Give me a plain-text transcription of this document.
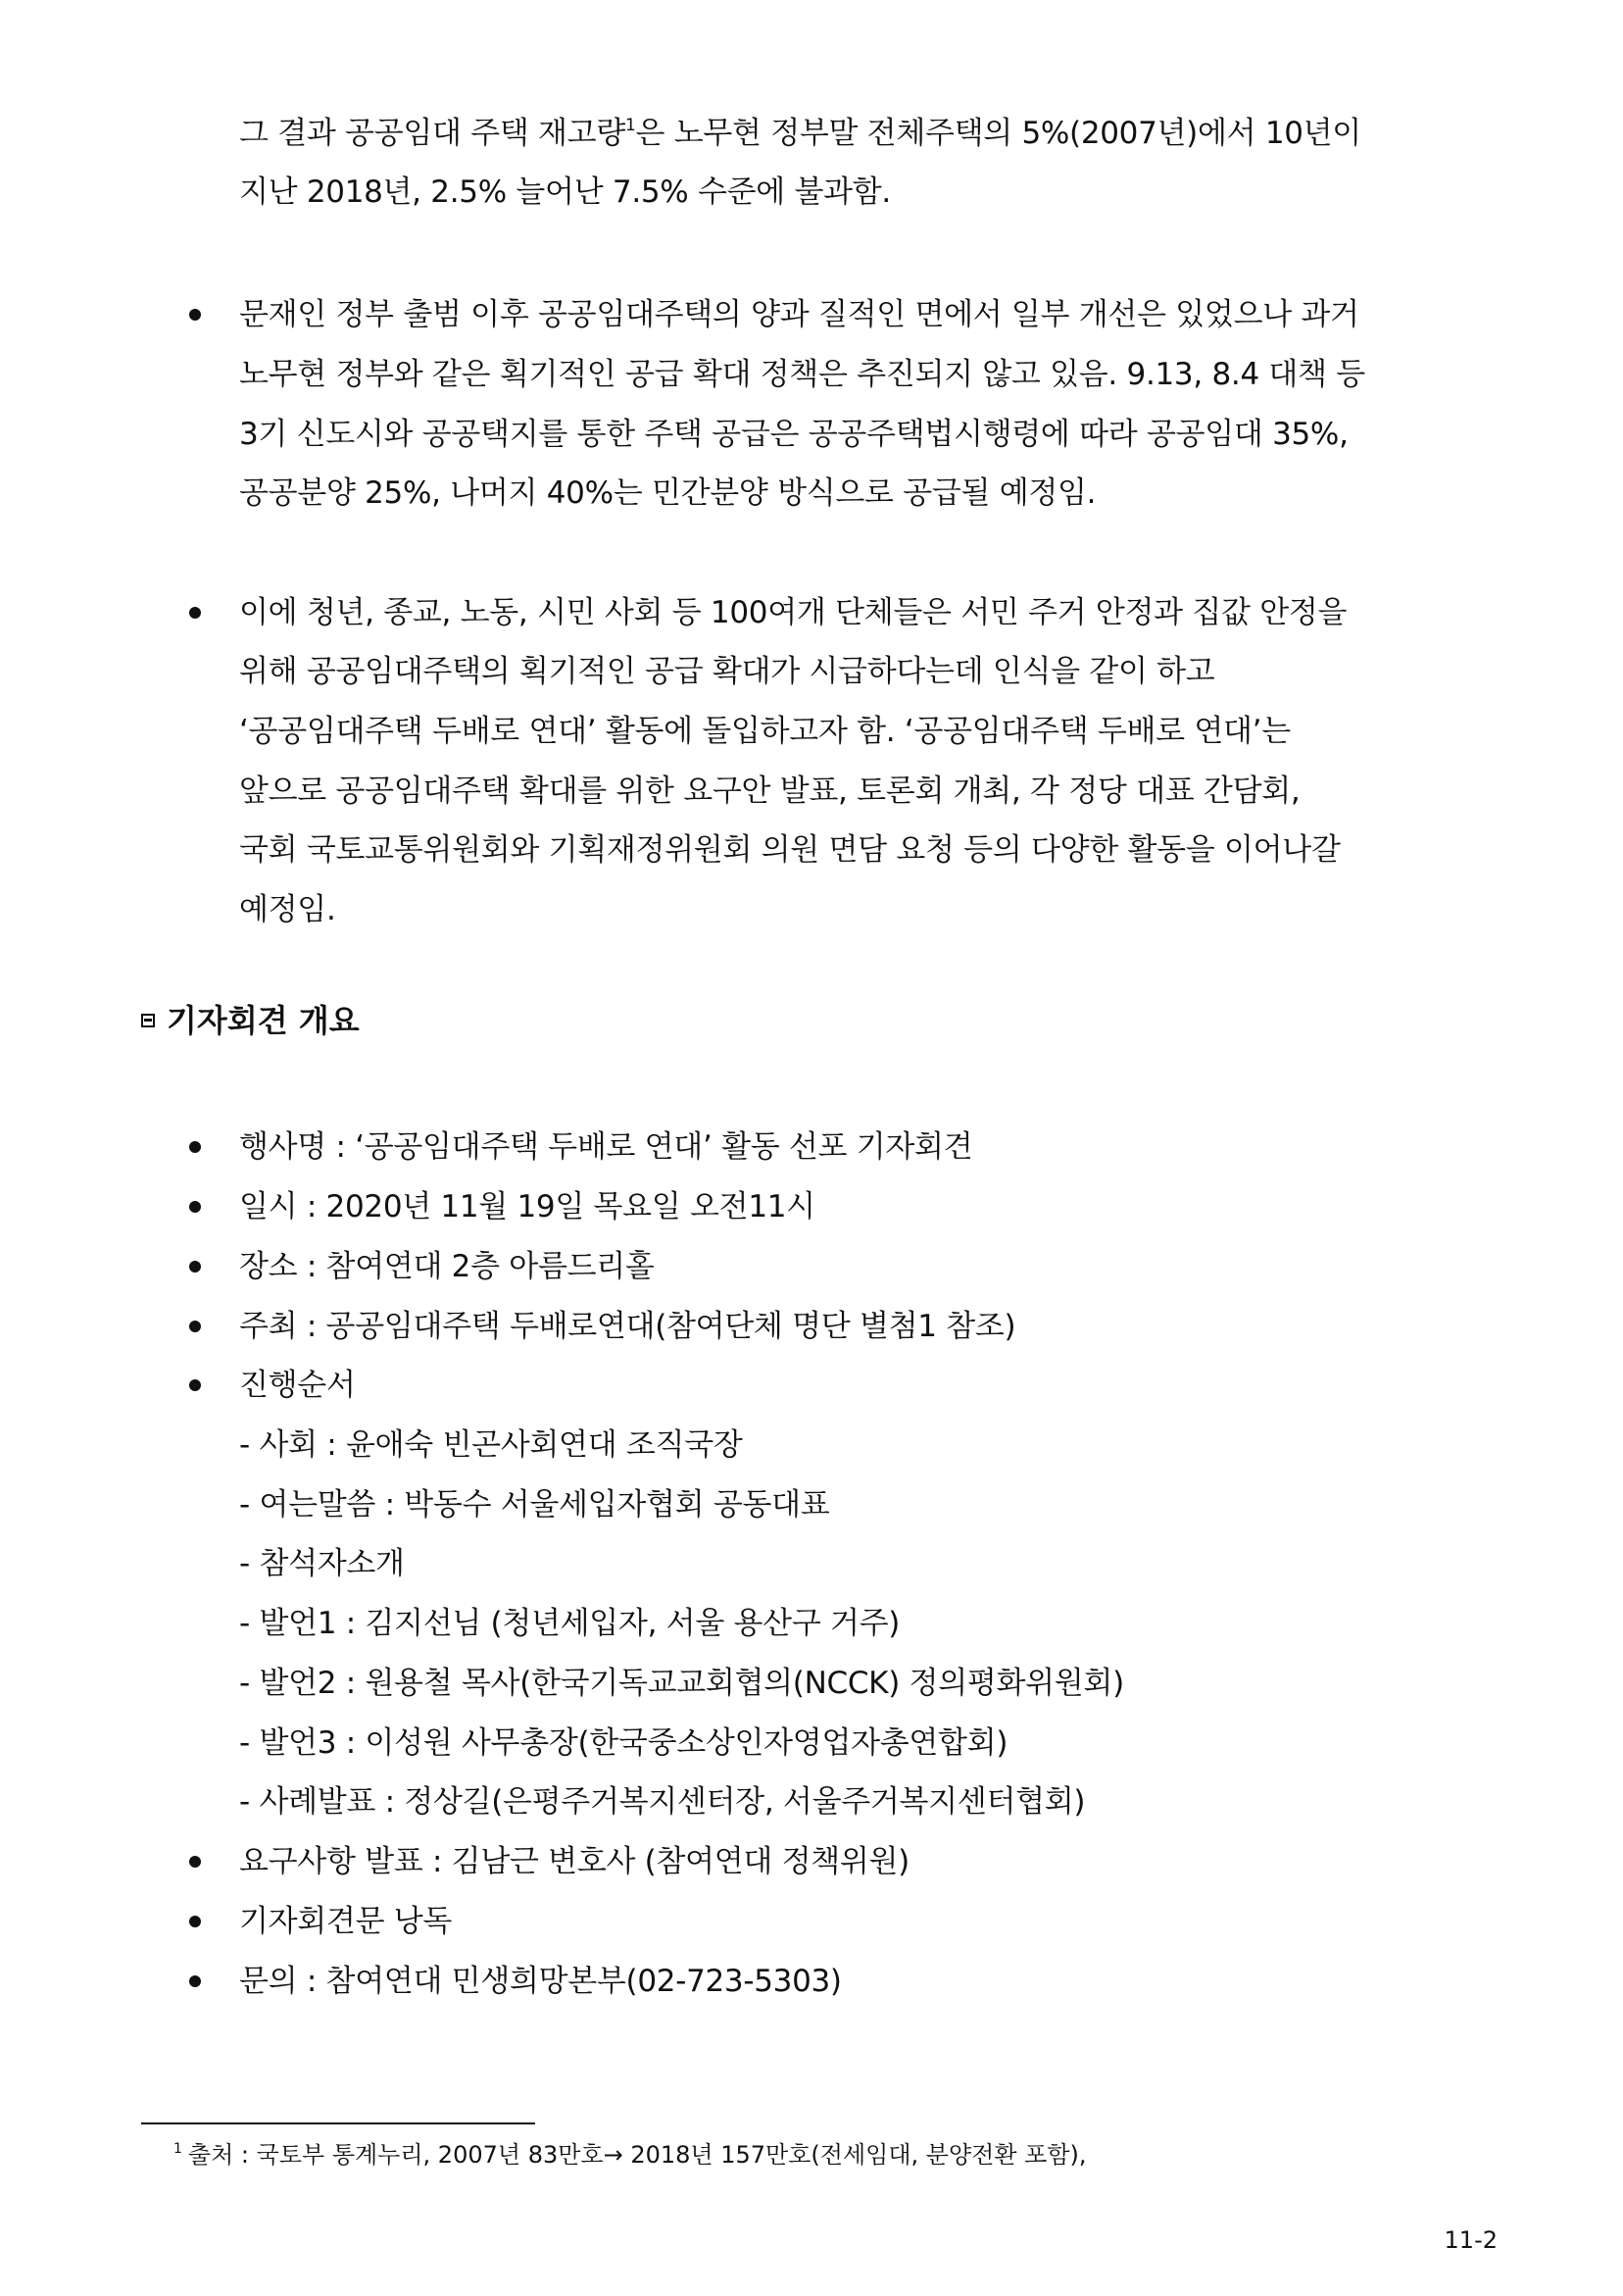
그 결과 공공임대 주택 재고량$^1$은 노무현 정부말 전체주택의 5%(2007년)에서 10년이

지난 2018년, 2.5% 늘어난 7.5% 수준에 불과함.

문재인 정부 출범 이후 공공임대주택의 양과 질적인 면에서 일부 개선은 있었으나 과거

노무현 정부와 같은 획기적인 공급 확대 정책은 추진되지 않고 있음. 9.13, 8.4 대책 등

3기 신도시와 공공택지를 통한 주택 공급은 공공주택법시행령에 따라 공공임대 35%,

공공분양 25%, 나머지 40%는 민간분양 방식으로 공급될 예정임.

이에 청년, 종교, 노동, 시민 사회 등 100여개 단체들은 서민 주거 안정과 집값 안정을

위해 공공임대주택의 획기적인 공급 확대가 시급하다는데 인식을 같이 하고

‘공공임대주택 두배로 연대’ 활동에 돌입하고자 함. ‘공공임대주택 두배로 연대’는

앞으로 공공임대주택 확대를 위한 요구안 발표, 토론회 개최, 각 정당 대표 간담회,

국회 국토교통위원회와 기획재정위원회 의원 면담 요청 등의 다양한 활동을 이어나갈

예정임.

기자회견 개요

행사명 : ‘공공임대주택 두배로 연대’ 활동 선포 기자회견

일시 : 2020년 11월 19일 목요일 오전11시

장소 : 참여연대 2층 아름드리홀

주최 : 공공임대주택 두배로연대(참여단체 명단 별첨1 참조)

진행순서

- 사회 : 윤애숙 빈곤사회연대 조직국장

- 여는말씀 : 박동수 서울세입자협회 공동대표

- 참석자소개

- 발언1 : 김지선님 (청년세입자, 서울 용산구 거주)

- 발언2 : 원용철 목사(한국기독교교회협의(NCCK) 정의평화위원회)

- 발언3 : 이성원 사무총장(한국중소상인자영업자총연합회)

- 사례발표 : 정상길(은평주거복지센터장, 서울주거복지센터협회)

요구사항 발표 : 김남근 변호사 (참여연대 정책위원)

기자회견문 낭독

문의 : 참여연대 민생희망본부(02-723-5303)

$^1$ 출처 : 국토부 통계누리, 2007년 83만호→ 2018년 157만호(전세임대, 분양전환 포함),

11-2
